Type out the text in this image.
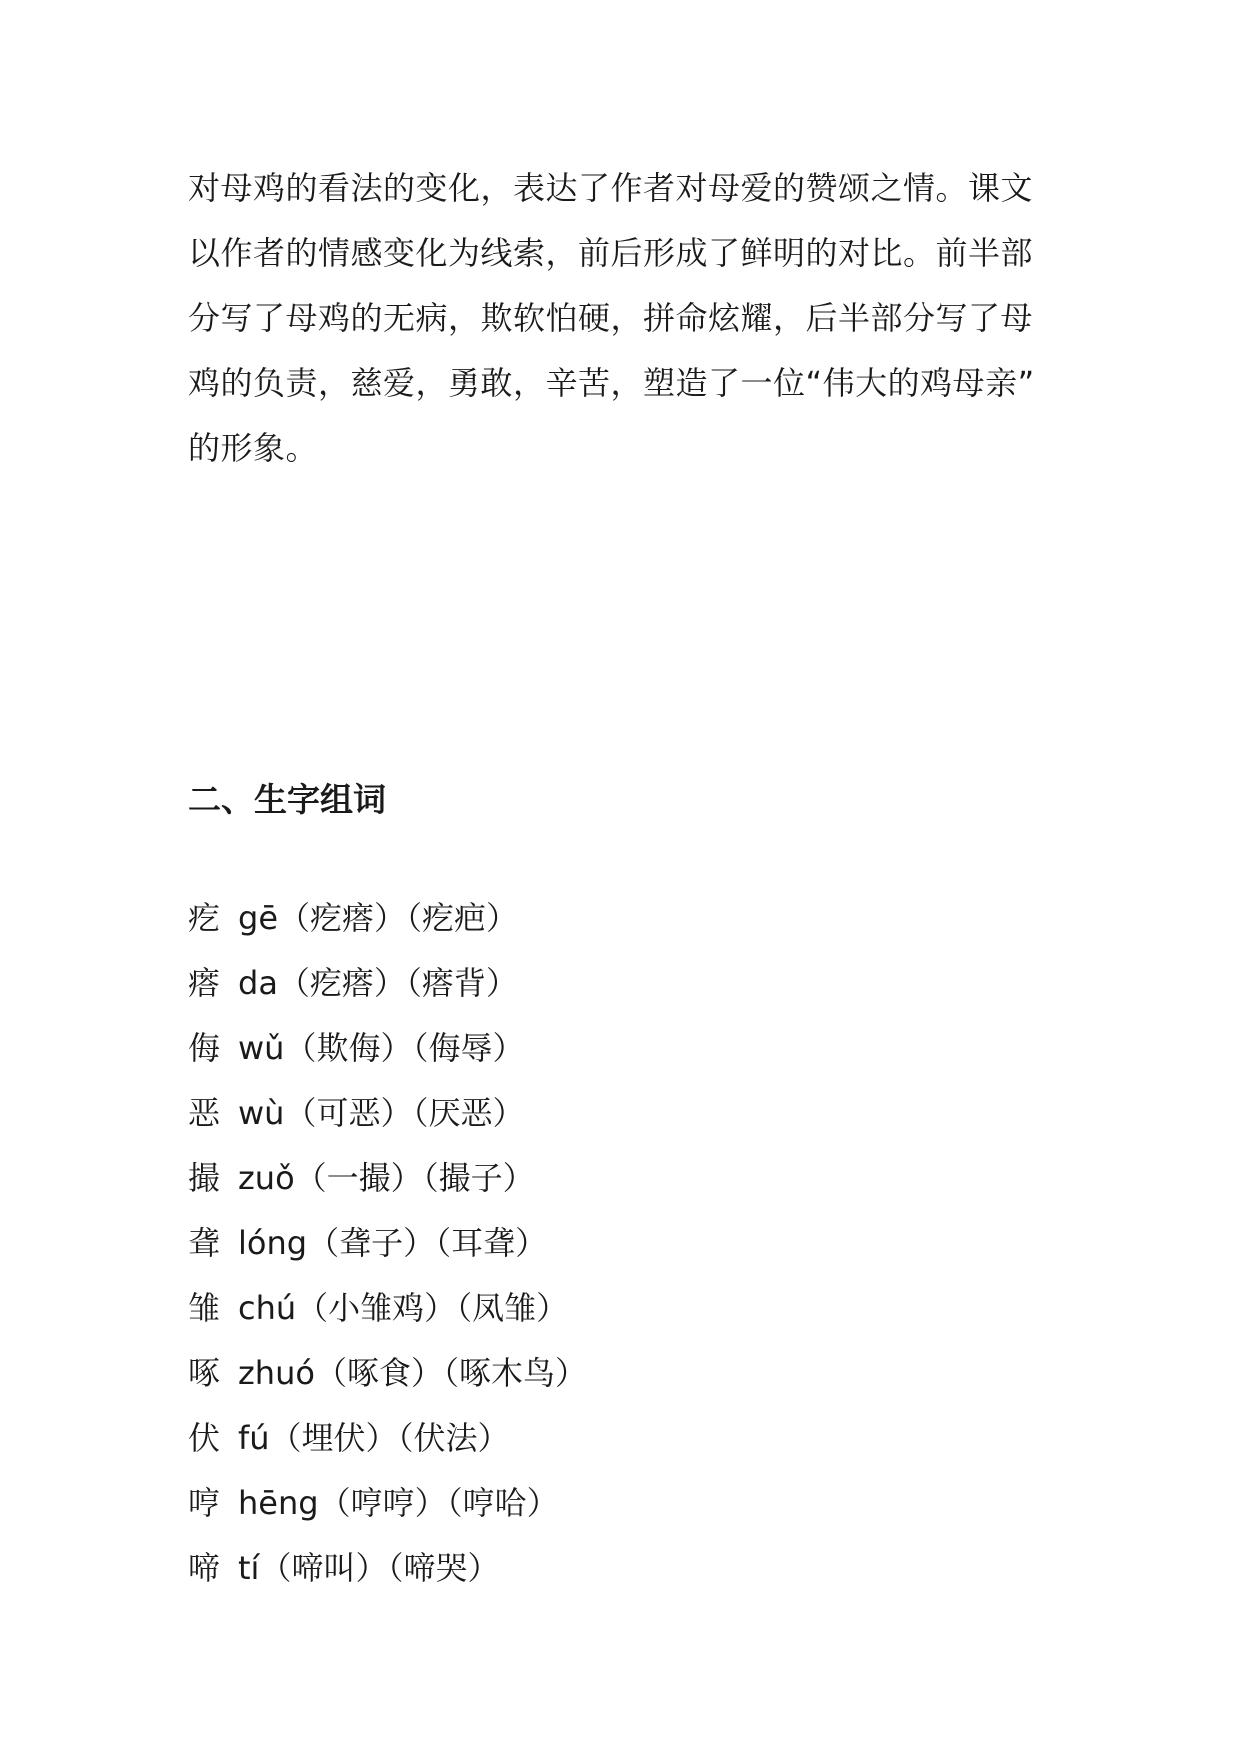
对母鸡的看法的变化，表达了作者对母爱的赞颂之情。课文
以作者的情感变化为线索，前后形成了鲜明的对比。前半部
分写了母鸡的无病，欺软怕硬，拼命炫耀，后半部分写了母
鸡的负责，慈爱，勇敢，辛苦，塑造了一位“伟大的鸡母亲”
的形象。
二、生字组词
疙 gē（疙瘩）（疙疤）
瘩 da（疙瘩）（瘩背）
侮 wǔ（欺侮）（侮辱）
恶 wù（可恶）（厌恶）
撮 zuǒ（一撮）（撮子）
聋 lóng（聋子）（耳聋）
雏 chú（小雏鸡）（凤雏）
啄 zhuó（啄食）（啄木鸟）
伏 fú（埋伏）（伏法）
哼 hēng（哼哼）（哼哈）
啼 tí（啼叫）（啼哭）
